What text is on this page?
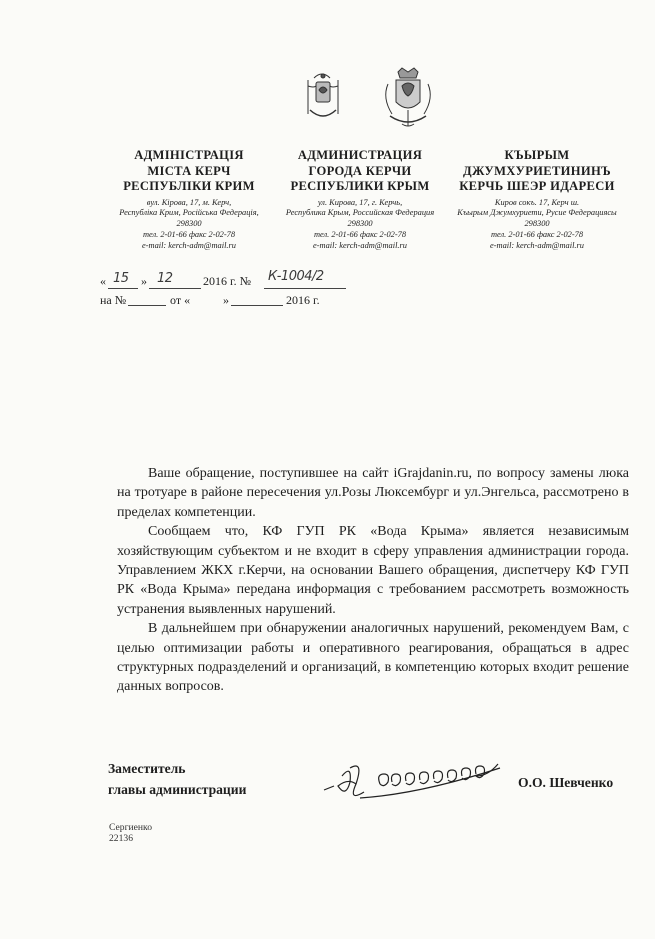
АДМІНІСТРАЦІЯ
МІСТА КЕРЧ
РЕСПУБЛІКИ КРИМ
вул. Кірова, 17, м. Керч,
Республіка Крим, Російська Федерація,
298300
тел. 2-01-66 факс 2-02-78
e-mail: kerch-adm@mail.ru
АДМИНИСТРАЦИЯ
ГОРОДА КЕРЧИ
РЕСПУБЛИКИ КРЫМ
ул. Кирова, 17, г. Керчь,
Республика Крым, Российская Федерация
298300
тел. 2-01-66 факс 2-02-78
e-mail: kerch-adm@mail.ru
КЪЫРЫМ
ДЖУМХУРИЕТИНИНЪ
КЕРЧЬ ШЕЭР ИДАРЕСИ
Киров сокъ. 17, Керч ш.
Къырым Джумхуриети, Русие Федерациясы
298300
тел. 2-01-66 факс 2-02-78
e-mail: kerch-adm@mail.ru
« 15 » 12	2016 г. № К-1004/2
на №	от «	»	2016 г.

Ваше обращение, поступившее на сайт iGrajdanin.ru, по вопросу замены люка на тротуаре в районе пересечения ул.Розы Люксембург и ул.Энгельса, рассмотрено в пределах компетенции.

Сообщаем что, КФ ГУП РК «Вода Крыма» является независимым хозяйствующим субъектом и не входит в сферу управления администрации города. Управлением ЖКХ г.Керчи, на основании Вашего обращения, диспетчеру КФ ГУП РК «Вода Крыма» передана информация с требованием рассмотреть возможность устранения выявленных нарушений.

В дальнейшем при обнаружении аналогичных нарушений, рекомендуем Вам, с целью оптимизации работы и оперативного реагирования, обращаться в адрес структурных подразделений и организаций, в компетенцию которых входит решение данных вопросов.

Заместитель
главы администрации	О.О. Шевченко
Сергиенко
22136
